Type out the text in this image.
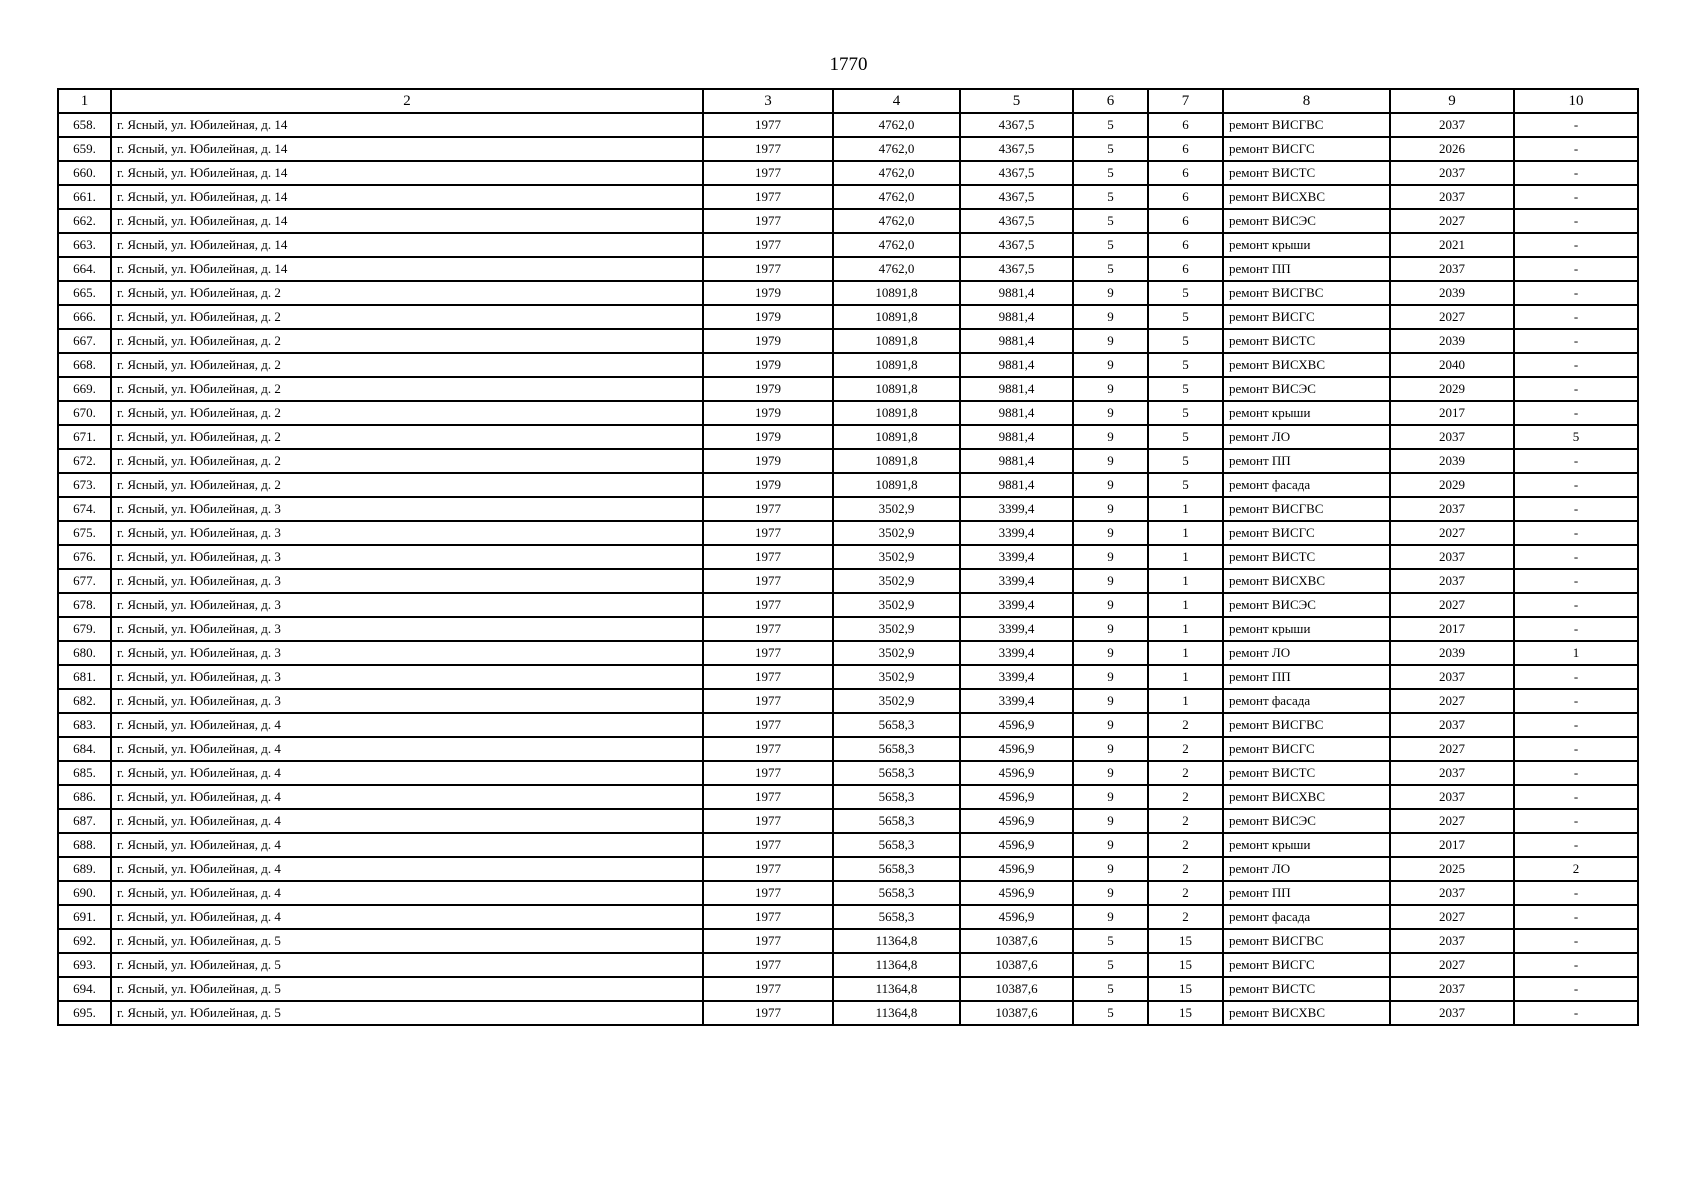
1770
1	2	3	4	5	6	7	8	9	10
658.	г. Ясный, ул. Юбилейная, д. 14	1977	4762,0	4367,5	5	6	ремонт ВИСГВС	2037	-
659.	г. Ясный, ул. Юбилейная, д. 14	1977	4762,0	4367,5	5	6	ремонт ВИСГС	2026	-
660.	г. Ясный, ул. Юбилейная, д. 14	1977	4762,0	4367,5	5	6	ремонт ВИСТС	2037	-
661.	г. Ясный, ул. Юбилейная, д. 14	1977	4762,0	4367,5	5	6	ремонт ВИСХВС	2037	-
662.	г. Ясный, ул. Юбилейная, д. 14	1977	4762,0	4367,5	5	6	ремонт ВИСЭС	2027	-
663.	г. Ясный, ул. Юбилейная, д. 14	1977	4762,0	4367,5	5	6	ремонт крыши	2021	-
664.	г. Ясный, ул. Юбилейная, д. 14	1977	4762,0	4367,5	5	6	ремонт ПП	2037	-
665.	г. Ясный, ул. Юбилейная, д. 2	1979	10891,8	9881,4	9	5	ремонт ВИСГВС	2039	-
666.	г. Ясный, ул. Юбилейная, д. 2	1979	10891,8	9881,4	9	5	ремонт ВИСГС	2027	-
667.	г. Ясный, ул. Юбилейная, д. 2	1979	10891,8	9881,4	9	5	ремонт ВИСТС	2039	-
668.	г. Ясный, ул. Юбилейная, д. 2	1979	10891,8	9881,4	9	5	ремонт ВИСХВС	2040	-
669.	г. Ясный, ул. Юбилейная, д. 2	1979	10891,8	9881,4	9	5	ремонт ВИСЭС	2029	-
670.	г. Ясный, ул. Юбилейная, д. 2	1979	10891,8	9881,4	9	5	ремонт крыши	2017	-
671.	г. Ясный, ул. Юбилейная, д. 2	1979	10891,8	9881,4	9	5	ремонт ЛО	2037	5
672.	г. Ясный, ул. Юбилейная, д. 2	1979	10891,8	9881,4	9	5	ремонт ПП	2039	-
673.	г. Ясный, ул. Юбилейная, д. 2	1979	10891,8	9881,4	9	5	ремонт фасада	2029	-
674.	г. Ясный, ул. Юбилейная, д. 3	1977	3502,9	3399,4	9	1	ремонт ВИСГВС	2037	-
675.	г. Ясный, ул. Юбилейная, д. 3	1977	3502,9	3399,4	9	1	ремонт ВИСГС	2027	-
676.	г. Ясный, ул. Юбилейная, д. 3	1977	3502,9	3399,4	9	1	ремонт ВИСТС	2037	-
677.	г. Ясный, ул. Юбилейная, д. 3	1977	3502,9	3399,4	9	1	ремонт ВИСХВС	2037	-
678.	г. Ясный, ул. Юбилейная, д. 3	1977	3502,9	3399,4	9	1	ремонт ВИСЭС	2027	-
679.	г. Ясный, ул. Юбилейная, д. 3	1977	3502,9	3399,4	9	1	ремонт крыши	2017	-
680.	г. Ясный, ул. Юбилейная, д. 3	1977	3502,9	3399,4	9	1	ремонт ЛО	2039	1
681.	г. Ясный, ул. Юбилейная, д. 3	1977	3502,9	3399,4	9	1	ремонт ПП	2037	-
682.	г. Ясный, ул. Юбилейная, д. 3	1977	3502,9	3399,4	9	1	ремонт фасада	2027	-
683.	г. Ясный, ул. Юбилейная, д. 4	1977	5658,3	4596,9	9	2	ремонт ВИСГВС	2037	-
684.	г. Ясный, ул. Юбилейная, д. 4	1977	5658,3	4596,9	9	2	ремонт ВИСГС	2027	-
685.	г. Ясный, ул. Юбилейная, д. 4	1977	5658,3	4596,9	9	2	ремонт ВИСТС	2037	-
686.	г. Ясный, ул. Юбилейная, д. 4	1977	5658,3	4596,9	9	2	ремонт ВИСХВС	2037	-
687.	г. Ясный, ул. Юбилейная, д. 4	1977	5658,3	4596,9	9	2	ремонт ВИСЭС	2027	-
688.	г. Ясный, ул. Юбилейная, д. 4	1977	5658,3	4596,9	9	2	ремонт крыши	2017	-
689.	г. Ясный, ул. Юбилейная, д. 4	1977	5658,3	4596,9	9	2	ремонт ЛО	2025	2
690.	г. Ясный, ул. Юбилейная, д. 4	1977	5658,3	4596,9	9	2	ремонт ПП	2037	-
691.	г. Ясный, ул. Юбилейная, д. 4	1977	5658,3	4596,9	9	2	ремонт фасада	2027	-
692.	г. Ясный, ул. Юбилейная, д. 5	1977	11364,8	10387,6	5	15	ремонт ВИСГВС	2037	-
693.	г. Ясный, ул. Юбилейная, д. 5	1977	11364,8	10387,6	5	15	ремонт ВИСГС	2027	-
694.	г. Ясный, ул. Юбилейная, д. 5	1977	11364,8	10387,6	5	15	ремонт ВИСТС	2037	-
695.	г. Ясный, ул. Юбилейная, д. 5	1977	11364,8	10387,6	5	15	ремонт ВИСХВС	2037	-
